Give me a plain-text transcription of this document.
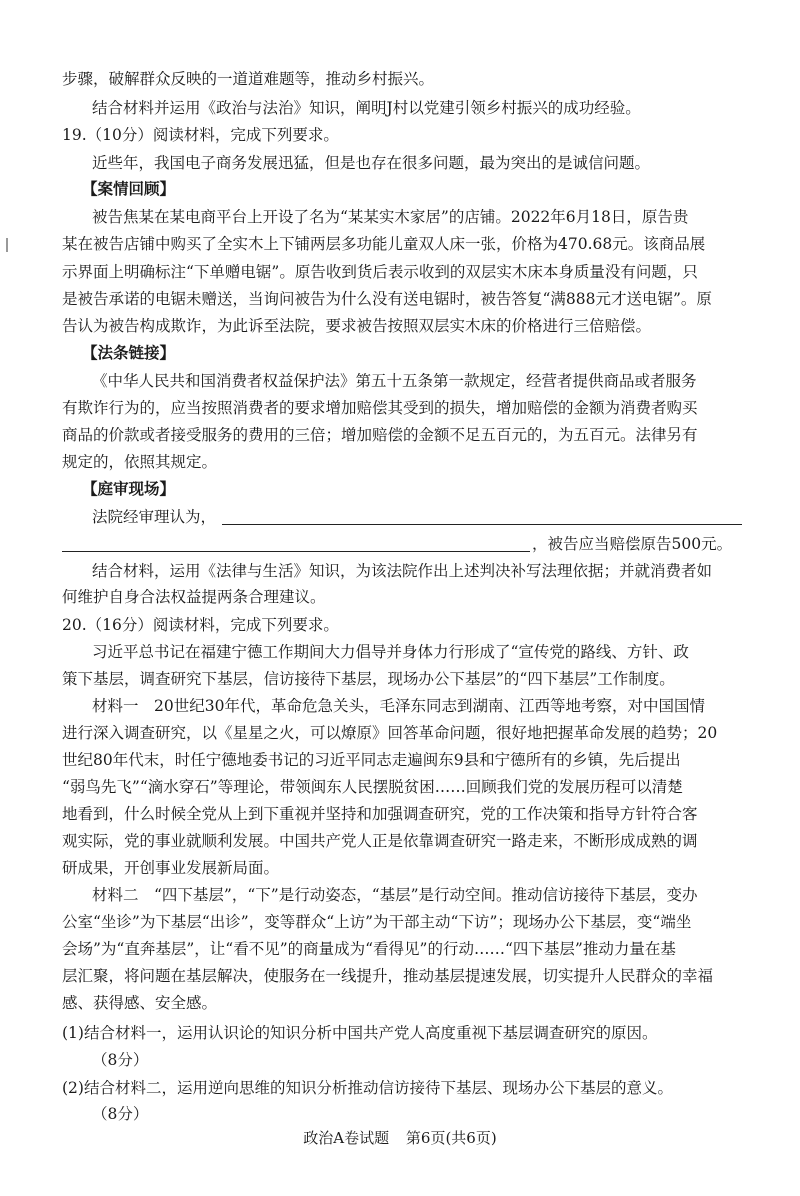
步骤，破解群众反映的一道道难题等，推动乡村振兴。
结合材料并运用《政治与法治》知识，阐明J村以党建引领乡村振兴的成功经验。
19.（10分）阅读材料，完成下列要求。
近些年，我国电子商务发展迅猛，但是也存在很多问题，最为突出的是诚信问题。
【案情回顾】
被告焦某在某电商平台上开设了名为“某某实木家居”的店铺。2022年6月18日，原告贵
某在被告店铺中购买了全实木上下铺两层多功能儿童双人床一张，价格为470.68元。该商品展
示界面上明确标注“下单赠电锯”。原告收到货后表示收到的双层实木床本身质量没有问题，只
是被告承诺的电锯未赠送，当询问被告为什么没有送电锯时，被告答复“满888元才送电锯”。原
告认为被告构成欺诈，为此诉至法院，要求被告按照双层实木床的价格进行三倍赔偿。
【法条链接】
《中华人民共和国消费者权益保护法》第五十五条第一款规定，经营者提供商品或者服务
有欺诈行为的，应当按照消费者的要求增加赔偿其受到的损失，增加赔偿的金额为消费者购买
商品的价款或者接受服务的费用的三倍；增加赔偿的金额不足五百元的，为五百元。法律另有
规定的，依照其规定。
【庭审现场】
法院经审理认为，
，被告应当赔偿原告500元。
结合材料，运用《法律与生活》知识，为该法院作出上述判决补写法理依据；并就消费者如
何维护自身合法权益提两条合理建议。
20.（16分）阅读材料，完成下列要求。
习近平总书记在福建宁德工作期间大力倡导并身体力行形成了“宣传党的路线、方针、政
策下基层，调查研究下基层，信访接待下基层，现场办公下基层”的“四下基层”工作制度。
材料一　20世纪30年代，革命危急关头，毛泽东同志到湖南、江西等地考察，对中国国情
进行深入调查研究，以《星星之火，可以燎原》回答革命问题，很好地把握革命发展的趋势；20
世纪80年代末，时任宁德地委书记的习近平同志走遍闽东9县和宁德所有的乡镇，先后提出
“弱鸟先飞”“滴水穿石”等理论，带领闽东人民摆脱贫困……回顾我们党的发展历程可以清楚
地看到，什么时候全党从上到下重视并坚持和加强调查研究，党的工作决策和指导方针符合客
观实际，党的事业就顺利发展。中国共产党人正是依靠调查研究一路走来，不断形成成熟的调
研成果，开创事业发展新局面。
材料二　“四下基层”，“下”是行动姿态，“基层”是行动空间。推动信访接待下基层，变办
公室“坐诊”为下基层“出诊”，变等群众“上访”为干部主动“下访”；现场办公下基层，变“端坐
会场”为“直奔基层”，让“看不见”的商量成为“看得见”的行动……“四下基层”推动力量在基
层汇聚，将问题在基层解决，使服务在一线提升，推动基层提速发展，切实提升人民群众的幸福
感、获得感、安全感。
(1)结合材料一，运用认识论的知识分析中国共产党人高度重视下基层调查研究的原因。
（8分）
(2)结合材料二，运用逆向思维的知识分析推动信访接待下基层、现场办公下基层的意义。
（8分）
政治A卷试题 第6页(共6页)
